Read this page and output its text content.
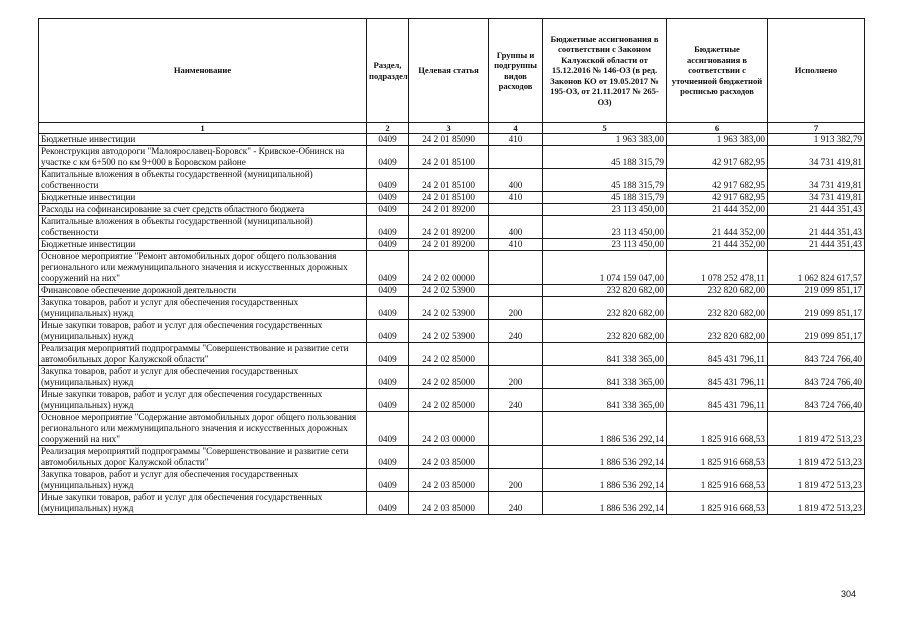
Наименование	Раздел, подраздел	Целевая статья	Группы и подгруппы видов расходов	Бюджетные ассигнования в соответствии с Законом Калужской области от 15.12.2016 № 146-ОЗ (в ред. Законов КО от 19.05.2017 № 195-ОЗ, от 21.11.2017 № 265-ОЗ)	Бюджетные ассигнования в соответствии с уточненной бюджетной росписью расходов	Исполнено
1	2	3	4	5	6	7
Бюджетные инвестиции	0409	24 2 01 85090	410	1 963 383,00	1 963 383,00	1 913 382,79
Реконструкция автодороги "Малоярославец-Боровск" - Кривское-Обнинск на участке с км 6+500 по км 9+000 в Боровском районе	0409	24 2 01 85100		45 188 315,79	42 917 682,95	34 731 419,81
Капитальные вложения в объекты государственной (муниципальной) собственности	0409	24 2 01 85100	400	45 188 315,79	42 917 682,95	34 731 419,81
Бюджетные инвестиции	0409	24 2 01 85100	410	45 188 315,79	42 917 682,95	34 731 419,81
Расходы на софинансирование за счет средств областного бюджета	0409	24 2 01 89200		23 113 450,00	21 444 352,00	21 444 351,43
Капитальные вложения в объекты государственной (муниципальной) собственности	0409	24 2 01 89200	400	23 113 450,00	21 444 352,00	21 444 351,43
Бюджетные инвестиции	0409	24 2 01 89200	410	23 113 450,00	21 444 352,00	21 444 351,43
Основное мероприятие "Ремонт автомобильных дорог общего пользования регионального или межмуниципального значения и искусственных дорожных сооружений на них"	0409	24 2 02 00000		1 074 159 047,00	1 078 252 478,11	1 062 824 617,57
Финансовое обеспечение дорожной деятельности	0409	24 2 02 53900		232 820 682,00	232 820 682,00	219 099 851,17
Закупка товаров, работ и услуг для обеспечения государственных (муниципальных) нужд	0409	24 2 02 53900	200	232 820 682,00	232 820 682,00	219 099 851,17
Иные закупки товаров, работ и услуг для обеспечения государственных (муниципальных) нужд	0409	24 2 02 53900	240	232 820 682,00	232 820 682,00	219 099 851,17
Реализация мероприятий подпрограммы "Совершенствование и развитие сети автомобильных дорог Калужской области"	0409	24 2 02 85000		841 338 365,00	845 431 796,11	843 724 766,40
Закупка товаров, работ и услуг для обеспечения государственных (муниципальных) нужд	0409	24 2 02 85000	200	841 338 365,00	845 431 796,11	843 724 766,40
Иные закупки товаров, работ и услуг для обеспечения государственных (муниципальных) нужд	0409	24 2 02 85000	240	841 338 365,00	845 431 796,11	843 724 766,40
Основное мероприятие "Содержание автомобильных дорог общего пользования регионального или межмуниципального значения и искусственных дорожных сооружений на них"	0409	24 2 03 00000		1 886 536 292,14	1 825 916 668,53	1 819 472 513,23
Реализация мероприятий подпрограммы "Совершенствование и развитие сети автомобильных дорог Калужской области"	0409	24 2 03 85000		1 886 536 292,14	1 825 916 668,53	1 819 472 513,23
Закупка товаров, работ и услуг для обеспечения государственных (муниципальных) нужд	0409	24 2 03 85000	200	1 886 536 292,14	1 825 916 668,53	1 819 472 513,23
Иные закупки товаров, работ и услуг для обеспечения государственных (муниципальных) нужд	0409	24 2 03 85000	240	1 886 536 292,14	1 825 916 668,53	1 819 472 513,23
304
